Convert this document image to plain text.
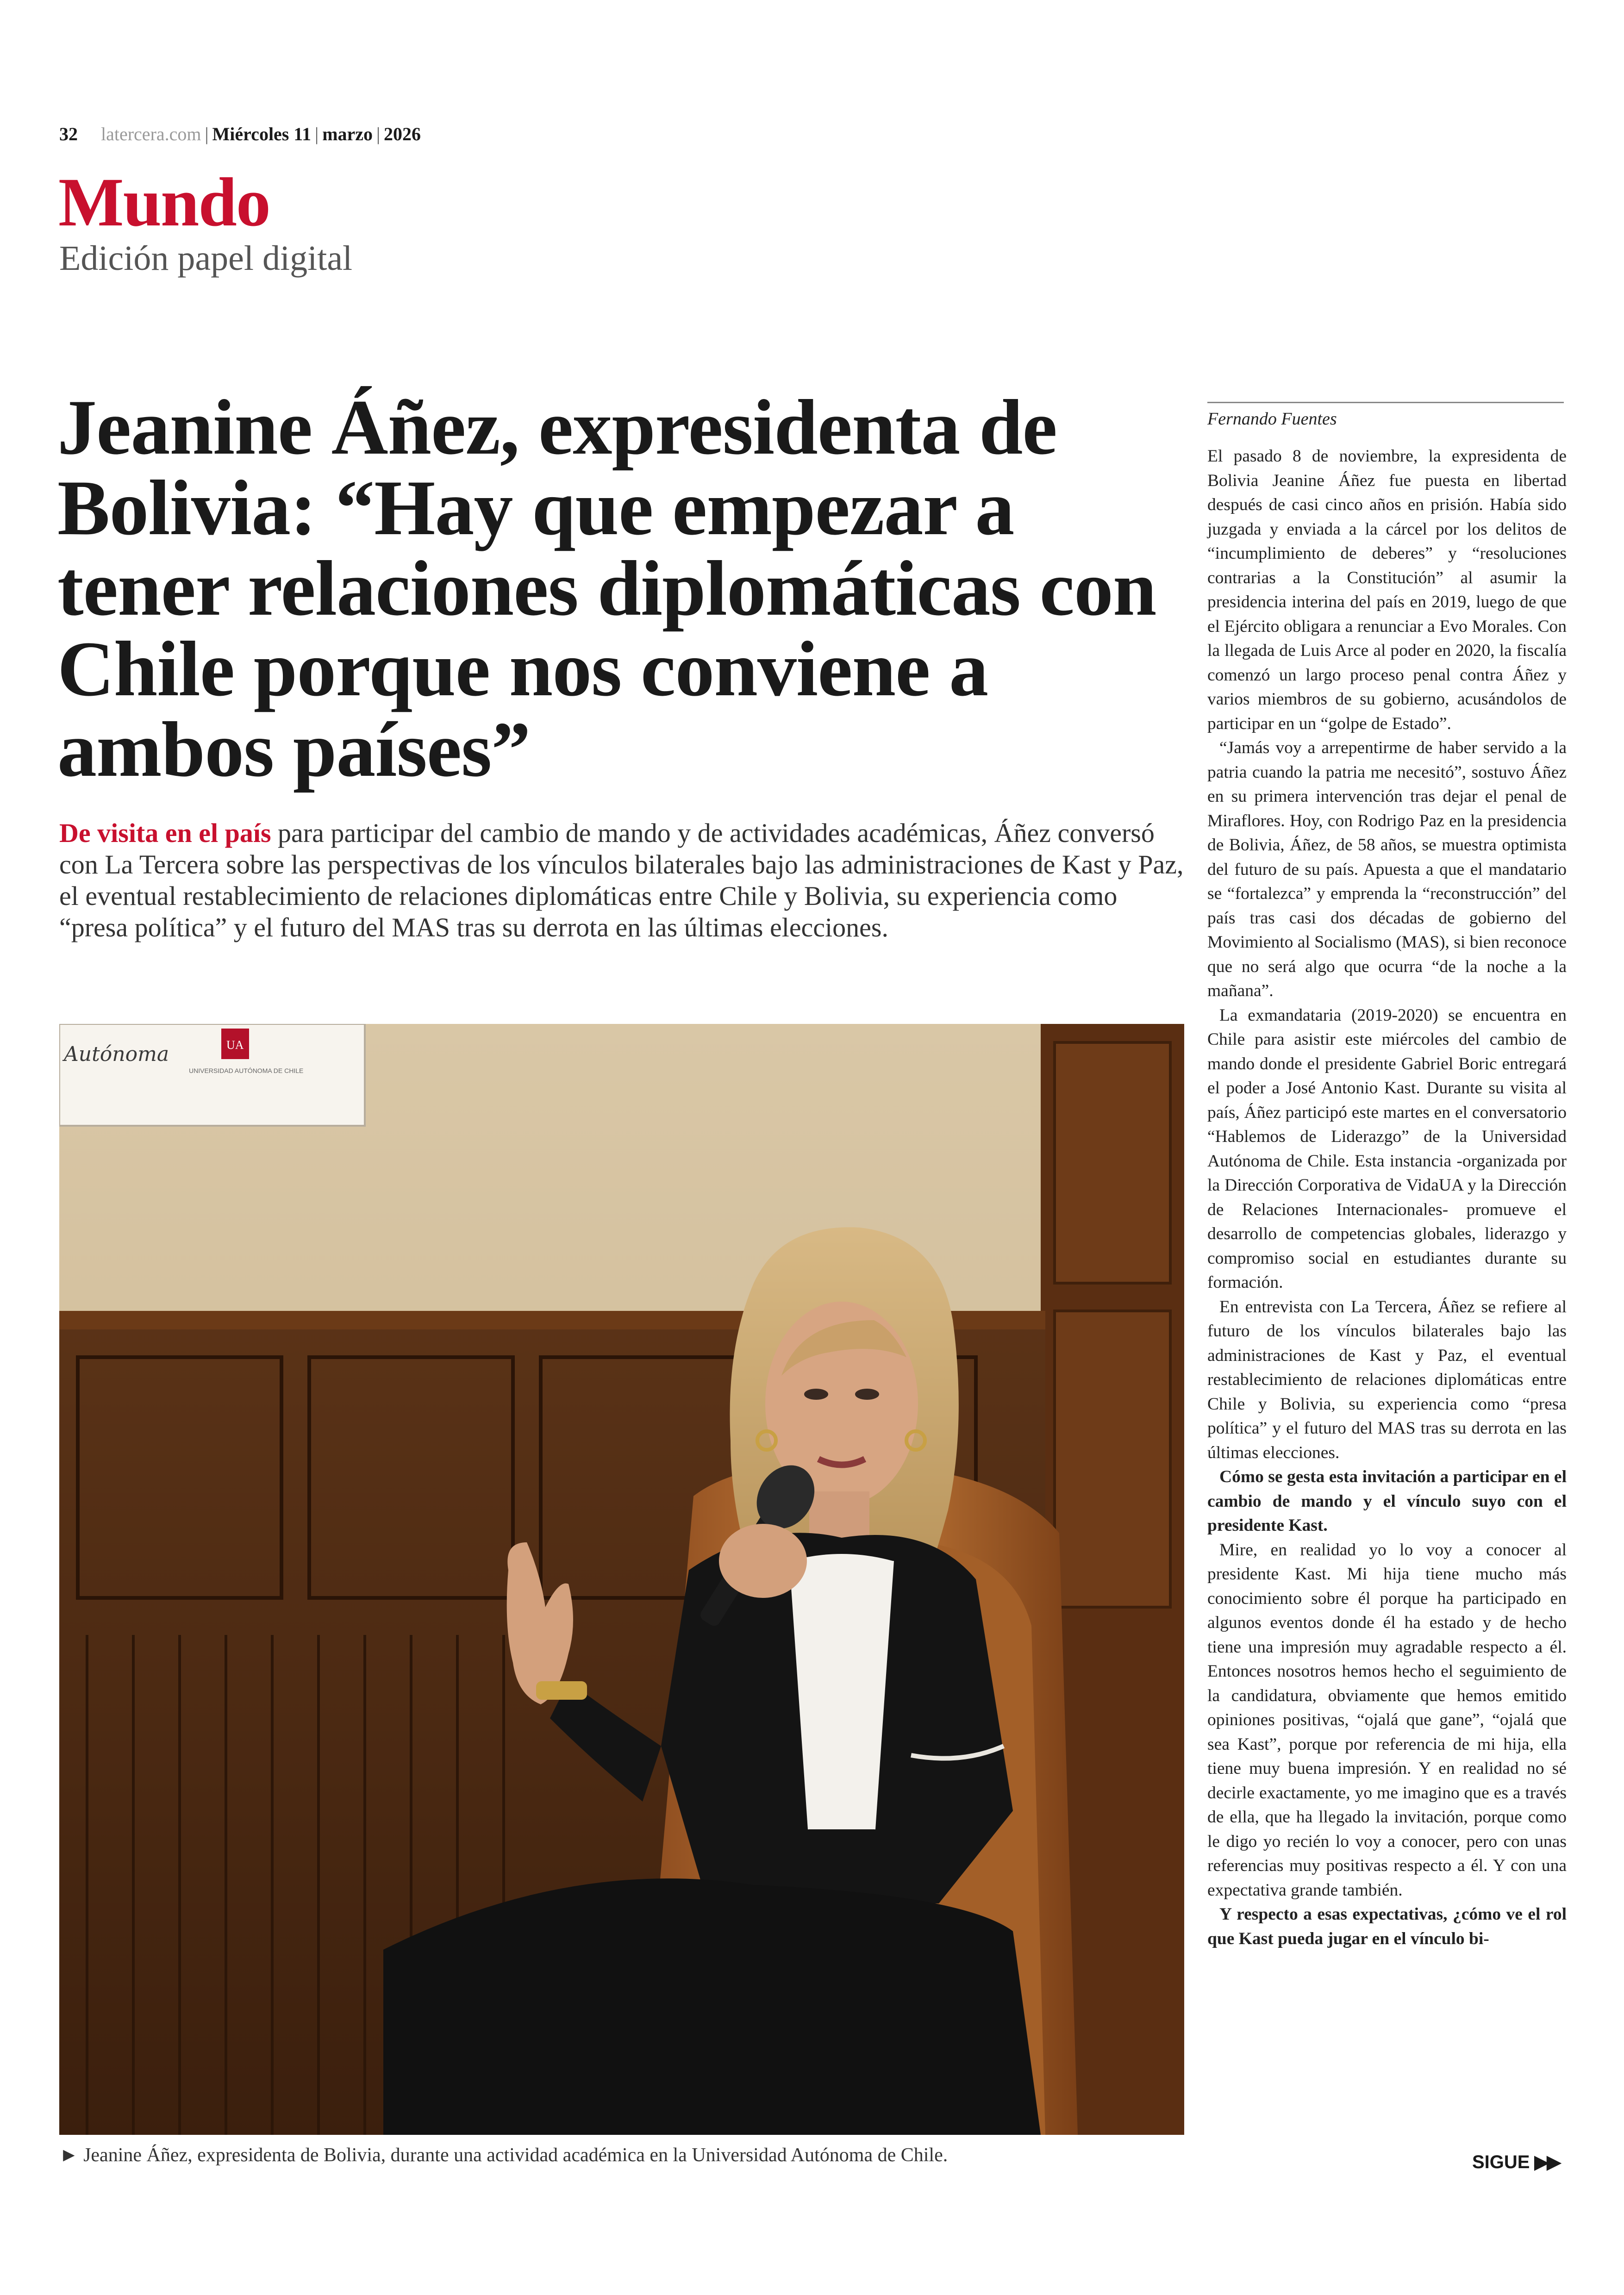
32 latercera.com | Miércoles 11 | marzo | 2026
Mundo
Edición papel digital
Jeanine Áñez, expresidenta de Bolivia: “Hay que empezar a tener relaciones diplomáticas con Chile porque nos conviene a ambos países”
De visita en el país para participar del cambio de mando y de actividades académicas, Áñez conversó con La Tercera sobre las perspectivas de los vínculos bilaterales bajo las administraciones de Kast y Paz, el eventual restablecimiento de relaciones diplomáticas entre Chile y Bolivia, su experiencia como “presa política” y el futuro del MAS tras su derrota en las últimas elecciones.
Autónoma	UA
UNIVERSIDAD AUTÓNOMA DE CHILE
► Jeanine Áñez, expresidenta de Bolivia, durante una actividad académica en la Universidad Autónoma de Chile.
Fernando Fuentes

El pasado 8 de noviembre, la expresidenta de Bolivia Jeanine Áñez fue puesta en libertad después de casi cinco años en prisión. Había sido juzgada y enviada a la cárcel por los delitos de “incumplimiento de deberes” y “resoluciones contrarias a la Constitución” al asumir la presidencia interina del país en 2019, luego de que el Ejército obligara a renunciar a Evo Morales. Con la llegada de Luis Arce al poder en 2020, la fiscalía comenzó un largo proceso penal contra Áñez y varios miembros de su gobierno, acusándolos de participar en un “golpe de Estado”.

“Jamás voy a arrepentirme de haber servido a la patria cuando la patria me necesitó”, sostuvo Áñez en su primera intervención tras dejar el penal de Miraflores. Hoy, con Rodrigo Paz en la presidencia de Bolivia, Áñez, de 58 años, se muestra optimista del futuro de su país. Apuesta a que el mandatario se “fortalezca” y emprenda la “reconstrucción” del país tras casi dos décadas de gobierno del Movimiento al Socialismo (MAS), si bien reconoce que no será algo que ocurra “de la noche a la mañana”.

La exmandataria (2019-2020) se encuentra en Chile para asistir este miércoles del cambio de mando donde el presidente Gabriel Boric entregará el poder a José Antonio Kast. Durante su visita al país, Áñez participó este martes en el conversatorio “Hablemos de Liderazgo” de la Universidad Autónoma de Chile. Esta instancia -organizada por la Dirección Corporativa de VidaUA y la Dirección de Relaciones Internacionales- promueve el desarrollo de competencias globales, liderazgo y compromiso social en estudiantes durante su formación.

En entrevista con La Tercera, Áñez se refiere al futuro de los vínculos bilaterales bajo las administraciones de Kast y Paz, el eventual restablecimiento de relaciones diplomáticas entre Chile y Bolivia, su experiencia como “presa política” y el futuro del MAS tras su derrota en las últimas elecciones.

Cómo se gesta esta invitación a participar en el cambio de mando y el vínculo suyo con el presidente Kast.

Mire, en realidad yo lo voy a conocer al presidente Kast. Mi hija tiene mucho más conocimiento sobre él porque ha participado en algunos eventos donde él ha estado y de hecho tiene una impresión muy agradable respecto a él. Entonces nosotros hemos hecho el seguimiento de la candidatura, obviamente que hemos emitido opiniones positivas, “ojalá que gane”, “ojalá que sea Kast”, porque por referencia de mi hija, ella tiene muy buena impresión. Y en realidad no sé decirle exactamente, yo me imagino que es a través de ella, que ha llegado la invitación, porque como le digo yo recién lo voy a conocer, pero con unas referencias muy positivas respecto a él. Y con una expectativa grande también.

Y respecto a esas expectativas, ¿cómo ve el rol que Kast pueda jugar en el vínculo bi-

SIGUE ▶▶
